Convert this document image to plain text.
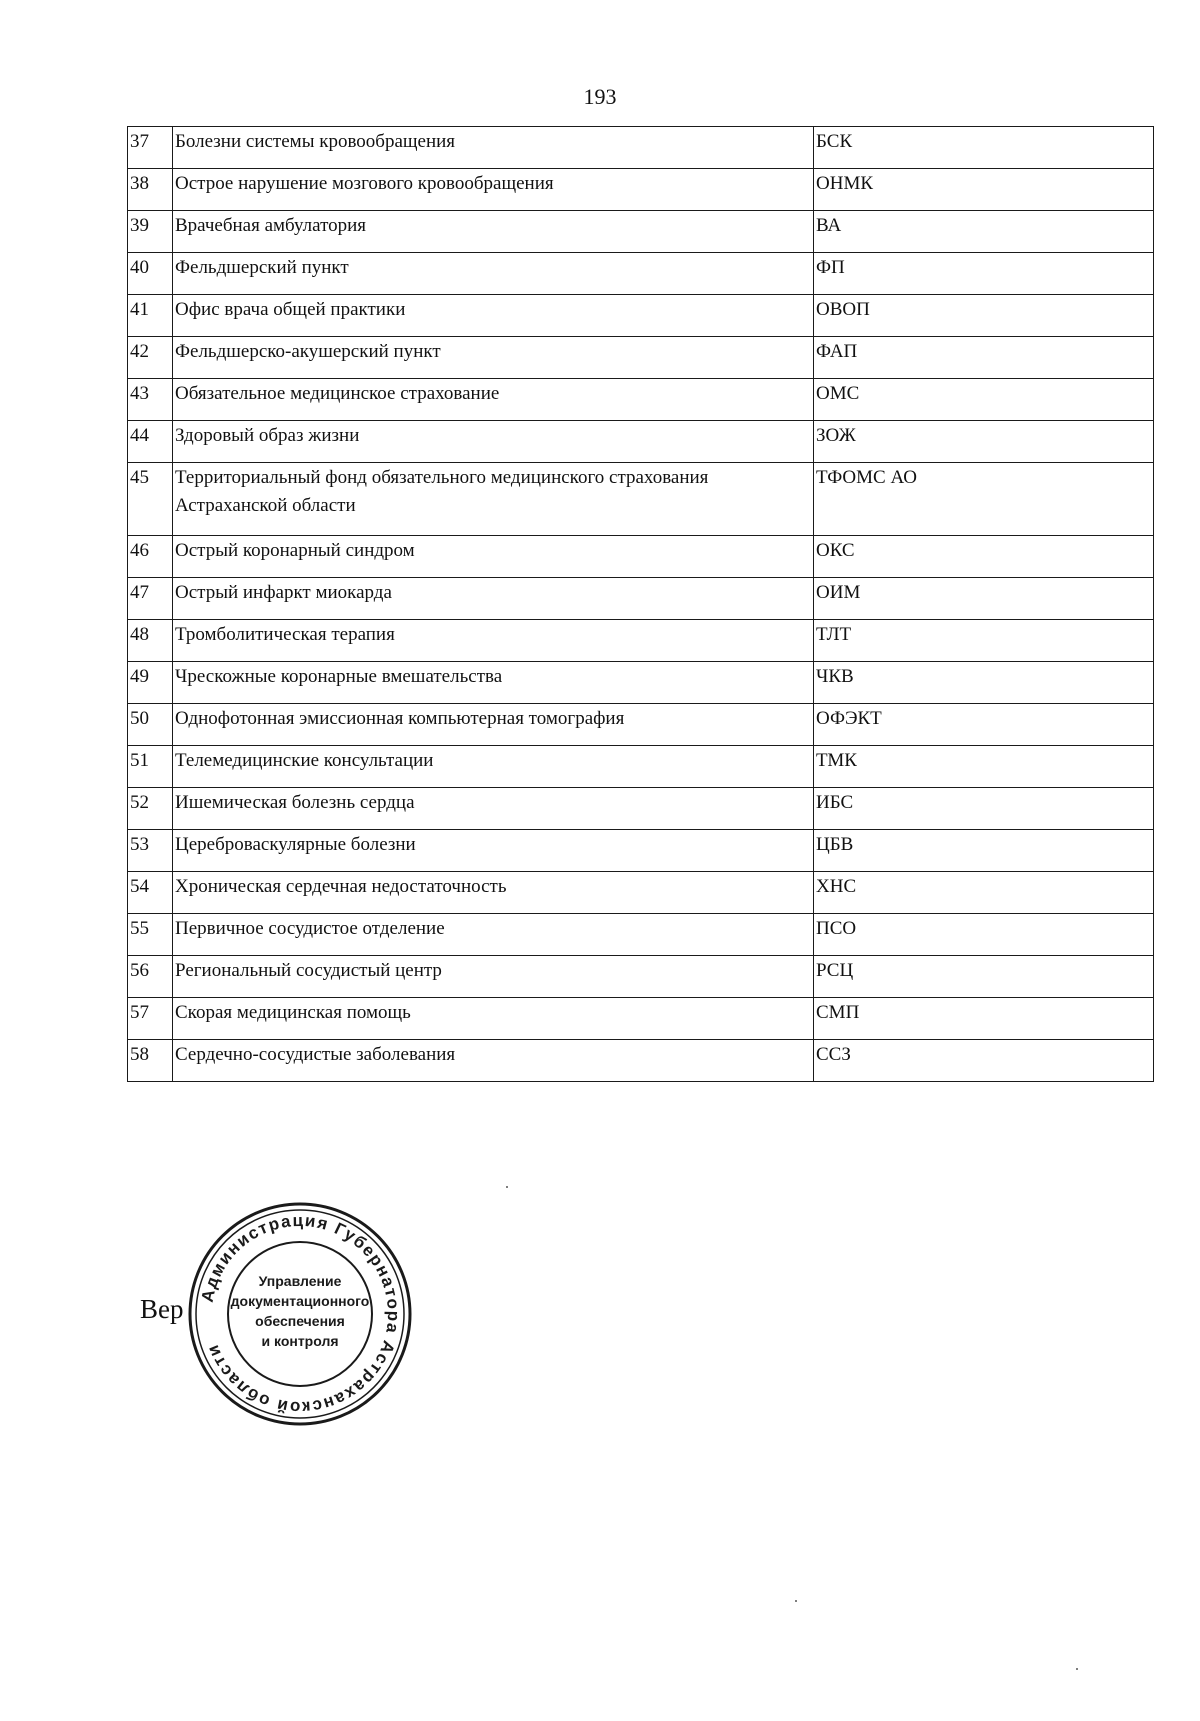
193
37	Болезни системы кровообращения	БСК
38	Острое нарушение мозгового кровообращения	ОНМК
39	Врачебная амбулатория	ВА
40	Фельдшерский пункт	ФП
41	Офис врача общей практики	ОВОП
42	Фельдшерско-акушерский пункт	ФАП
43	Обязательное медицинское страхование	ОМС
44	Здоровый образ жизни	ЗОЖ
45	Территориальный фонд обязательного медицинского страхования Астраханской области	ТФОМС АО
46	Острый коронарный синдром	ОКС
47	Острый инфаркт миокарда	ОИМ
48	Тромболитическая терапия	ТЛТ
49	Чрескожные коронарные вмешательства	ЧКВ
50	Однофотонная эмиссионная компьютерная томография	ОФЭКТ
51	Телемедицинские консультации	ТМК
52	Ишемическая болезнь сердца	ИБС
53	Цереброваскулярные болезни	ЦБВ
54	Хроническая сердечная недостаточность	ХНС
55	Первичное сосудистое отделение	ПСО
56	Региональный сосудистый центр	РСЦ
57	Скорая медицинская помощь	СМП
58	Сердечно-сосудистые заболевания	ССЗ
Вер Администрация Губернатора Астраханской области
Управление
документационного
обеспечения
и контроля
